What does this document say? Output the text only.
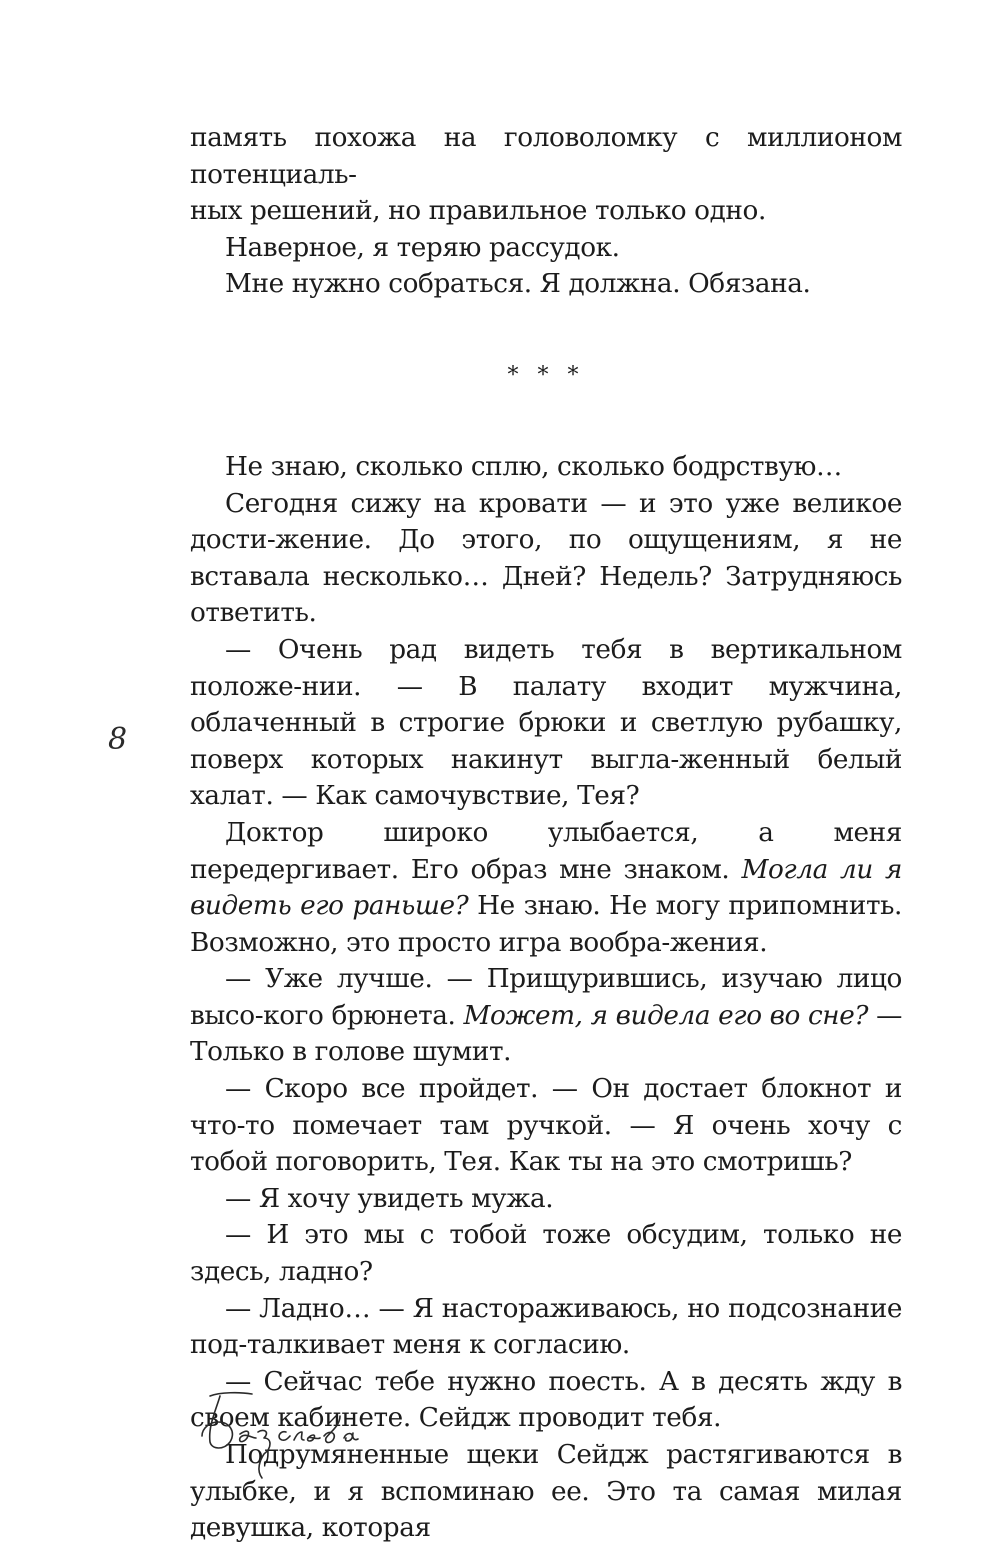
память похожа на головоломку с миллионом потенциаль-
ных решений, но правильное только одно.

Наверное, я теряю рассудок.

Мне нужно собраться. Я должна. Обязана.

* * *

Не знаю, сколько сплю, сколько бодрствую…

Сегодня сижу на кровати — и это уже великое дости-жение. До этого, по ощущениям, я не вставала несколько… Дней? Недель? Затрудняюсь ответить.

— Очень рад видеть тебя в вертикальном положе-нии. — В палату входит мужчина, облаченный в строгие брюки и светлую рубашку, поверх которых накинут выгла-женный белый халат. — Как самочувствие, Тея?

Доктор широко улыбается, а меня передергивает. Его образ мне знаком. Могла ли я видеть его раньше? Не знаю. Не могу припомнить. Возможно, это просто игра вообра-жения.

— Уже лучше. — Прищурившись, изучаю лицо высо-кого брюнета. Может, я видела его во сне? — Только в голове шумит.

— Скоро все пройдет. — Он достает блокнот и что-то помечает там ручкой. — Я очень хочу с тобой поговорить, Тея. Как ты на это смотришь?

— Я хочу увидеть мужа.

— И это мы с тобой тоже обсудим, только не здесь, ладно?

— Ладно… — Я настораживаюсь, но подсознание под-талкивает меня к согласию.

— Сейчас тебе нужно поесть. А в десять жду в своем кабинете. Сейдж проводит тебя.

Подрумяненные щеки Сейдж растягиваются в улыбке, и я вспоминаю ее. Это та самая милая девушка, которая

8
